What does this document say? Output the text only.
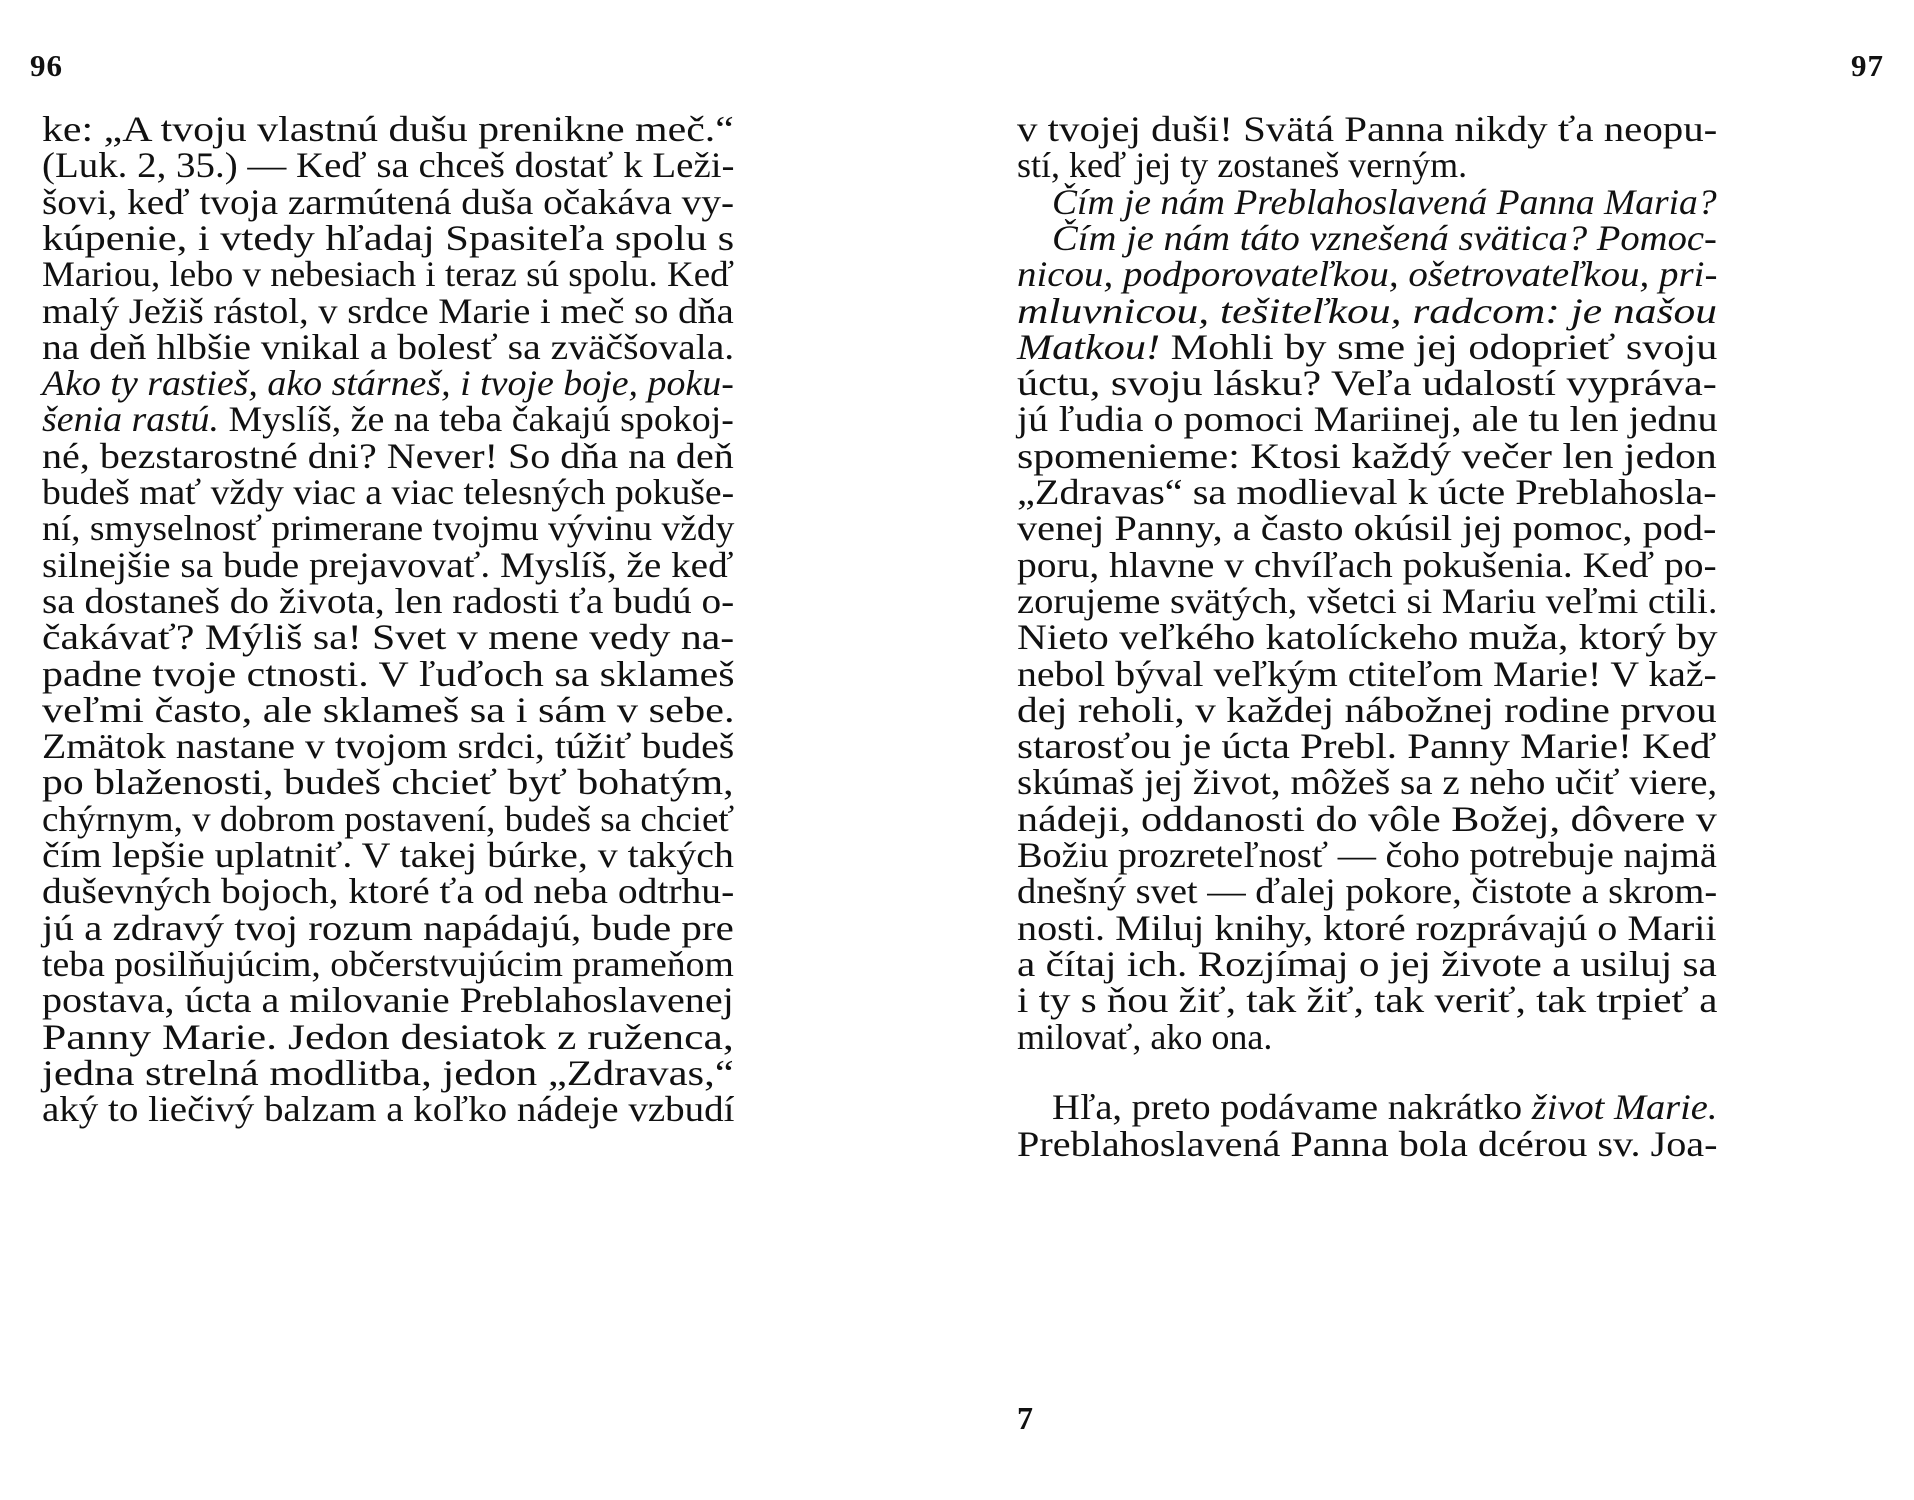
96
ke: „A tvoju vlastnú dušu prenikne meč.“
(Luk. 2, 35.) — Keď sa chceš dostať k Leži-
šovi, keď tvoja zarmútená duša očakáva vy-
kúpenie, i vtedy hľadaj Spasiteľa spolu s
Mariou, lebo v nebesiach i teraz sú spolu. Keď
malý Ježiš rástol, v srdce Marie i meč so dňa
na deň hlbšie vnikal a bolesť sa zväčšovala.
Ako ty rastieš, ako stárneš, i tvoje boje, poku-
šenia rastú. Myslíš, že na teba čakajú spokoj-
né, bezstarostné dni? Never! So dňa na deň
budeš mať vždy viac a viac telesných pokuše-
ní, smyselnosť primerane tvojmu vývinu vždy
silnejšie sa bude prejavovať. Myslíš, že keď
sa dostaneš do života, len radosti ťa budú o-
čakávať? Mýliš sa! Svet v mene vedy na-
padne tvoje ctnosti. V ľuďoch sa sklameš
veľmi často, ale sklameš sa i sám v sebe.
Zmätok nastane v tvojom srdci, túžiť budeš
po blaženosti, budeš chcieť byť bohatým,
chýrnym, v dobrom postavení, budeš sa chcieť
čím lepšie uplatniť. V takej búrke, v takých
duševných bojoch, ktoré ťa od neba odtrhu-
jú a zdravý tvoj rozum napádajú, bude pre
teba posilňujúcim, občerstvujúcim prameňom
postava, úcta a milovanie Preblahoslavenej
Panny Marie. Jedon desiatok z ruženca,
jedna strelná modlitba, jedon „Zdravas,“
aký to liečivý balzam a koľko nádeje vzbudí
97
v tvojej duši! Svätá Panna nikdy ťa neopu-
stí, keď jej ty zostaneš verným.
Čím je nám Preblahoslavená Panna Maria?
Čím je nám táto vznešená svätica? Pomoc-
nicou, podporovateľkou, ošetrovateľkou, pri-
mluvnicou, tešiteľkou, radcom: je našou
Matkou! Mohli by sme jej odoprieť svoju
úctu, svoju lásku? Veľa udalostí vypráva-
jú ľudia o pomoci Mariinej, ale tu len jednu
spomenieme: Ktosi každý večer len jedon
„Zdravas“ sa modlieval k úcte Preblahosla-
venej Panny, a často okúsil jej pomoc, pod-
poru, hlavne v chvíľach pokušenia. Keď po-
zorujeme svätých, všetci si Mariu veľmi ctili.
Nieto veľkého katolíckeho muža, ktorý by
nebol býval veľkým ctiteľom Marie! V kaž-
dej reholi, v každej nábožnej rodine prvou
starosťou je úcta Prebl. Panny Marie! Keď
skúmaš jej život, môžeš sa z neho učiť viere,
nádeji, oddanosti do vôle Božej, dôvere v
Božiu prozreteľnosť — čoho potrebuje najmä
dnešný svet — ďalej pokore, čistote a skrom-
nosti. Miluj knihy, ktoré rozprávajú o Marii
a čítaj ich. Rozjímaj o jej živote a usiluj sa
i ty s ňou žiť, tak žiť, tak veriť, tak trpieť a
milovať, ako ona.
Hľa, preto podávame nakrátko život Marie.
Preblahoslavená Panna bola dcérou sv. Joa-
7
